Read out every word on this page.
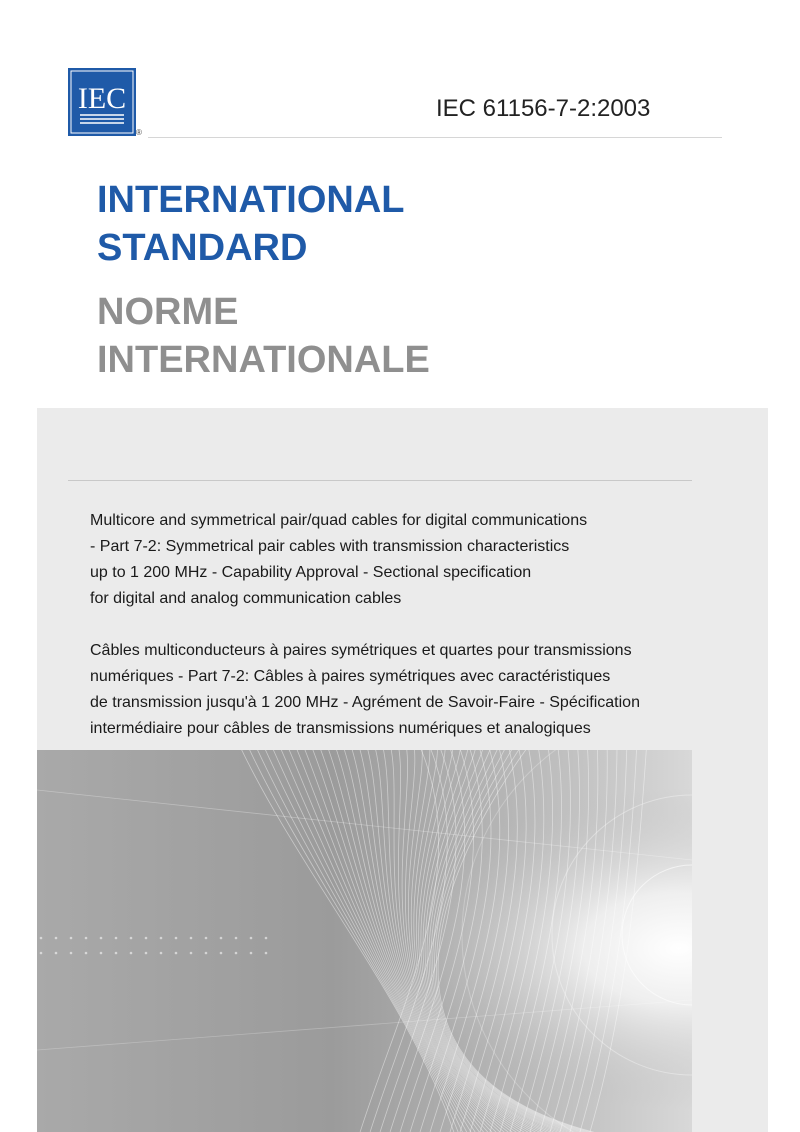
IEC
®
IEC 61156-7-2:2003
INTERNATIONAL
STANDARD
NORME
INTERNATIONALE
Multicore and symmetrical pair/quad cables for digital communications
- Part 7-2: Symmetrical pair cables with transmission characteristics
up to 1 200 MHz - Capability Approval - Sectional specification
for digital and analog communication cables
Câbles multiconducteurs à paires symétriques et quartes pour transmissions
numériques - Part 7-2: Câbles à paires symétriques avec caractéristiques
de transmission jusqu'à 1 200 MHz - Agrément de Savoir-Faire - Spécification
intermédiaire pour câbles de transmissions numériques et analogiques
